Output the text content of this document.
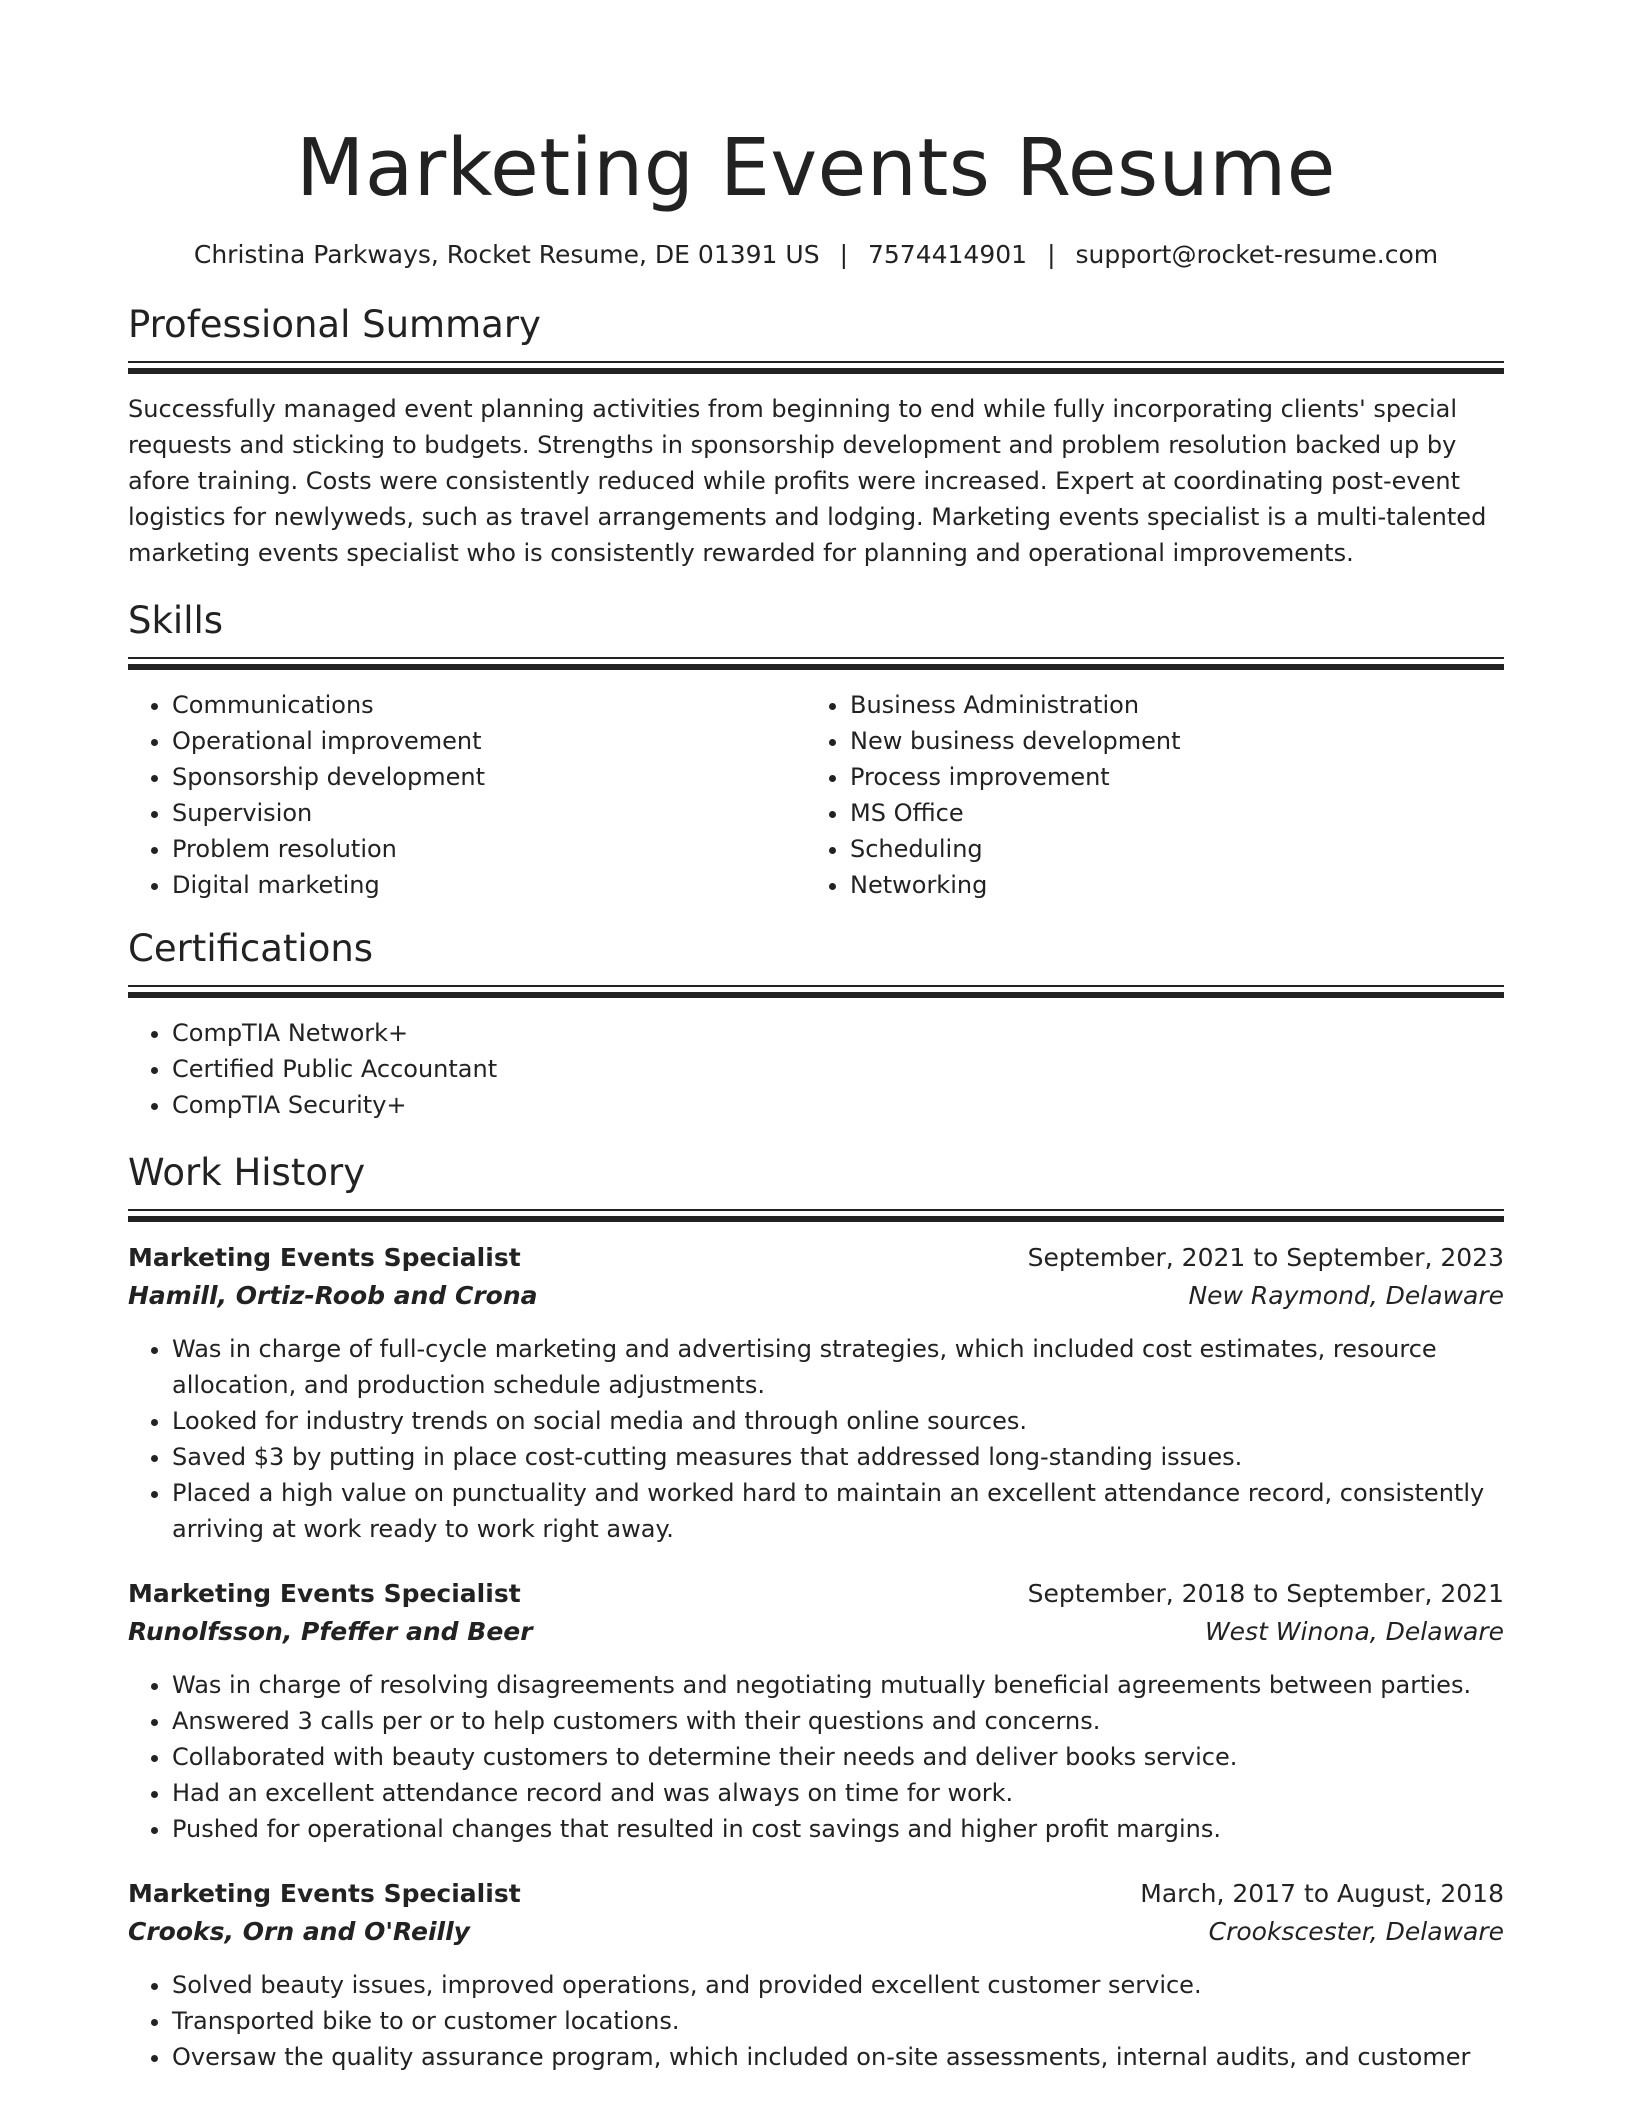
Marketing Events Resume
Christina Parkways, Rocket Resume, DE 01391 US | 7574414901 | support@rocket-resume.com
Professional Summary

Successfully managed event planning activities from beginning to end while fully incorporating clients' special requests and sticking to budgets. Strengths in sponsorship development and problem resolution backed up by afore training. Costs were consistently reduced while profits were increased. Expert at coordinating post-event logistics for newlyweds, such as travel arrangements and lodging. Marketing events specialist is a multi-talented marketing events specialist who is consistently rewarded for planning and operational improvements.

Skills
• Communications
• Operational improvement
• Sponsorship development
• Supervision
• Problem resolution
• Digital marketing
• Business Administration
• New business development
• Process improvement
• MS Office
• Scheduling
• Networking
Certifications
• CompTIA Network+
• Certified Public Accountant
• CompTIA Security+
Work History
Marketing Events Specialist	September, 2021 to September, 2023
Hamill, Ortiz-Roob and Crona	New Raymond, Delaware
• Was in charge of full-cycle marketing and advertising strategies, which included cost estimates, resource allocation, and production schedule adjustments.
• Looked for industry trends on social media and through online sources.
• Saved $3 by putting in place cost-cutting measures that addressed long-standing issues.
• Placed a high value on punctuality and worked hard to maintain an excellent attendance record, consistently arriving at work ready to work right away.
Marketing Events Specialist	September, 2018 to September, 2021
Runolfsson, Pfeffer and Beer	West Winona, Delaware
• Was in charge of resolving disagreements and negotiating mutually beneficial agreements between parties.
• Answered 3 calls per or to help customers with their questions and concerns.
• Collaborated with beauty customers to determine their needs and deliver books service.
• Had an excellent attendance record and was always on time for work.
• Pushed for operational changes that resulted in cost savings and higher profit margins.
Marketing Events Specialist	March, 2017 to August, 2018
Crooks, Orn and O'Reilly	Crookscester, Delaware
• Solved beauty issues, improved operations, and provided excellent customer service.
• Transported bike to or customer locations.
• Oversaw the quality assurance program, which included on-site assessments, internal audits, and customer
